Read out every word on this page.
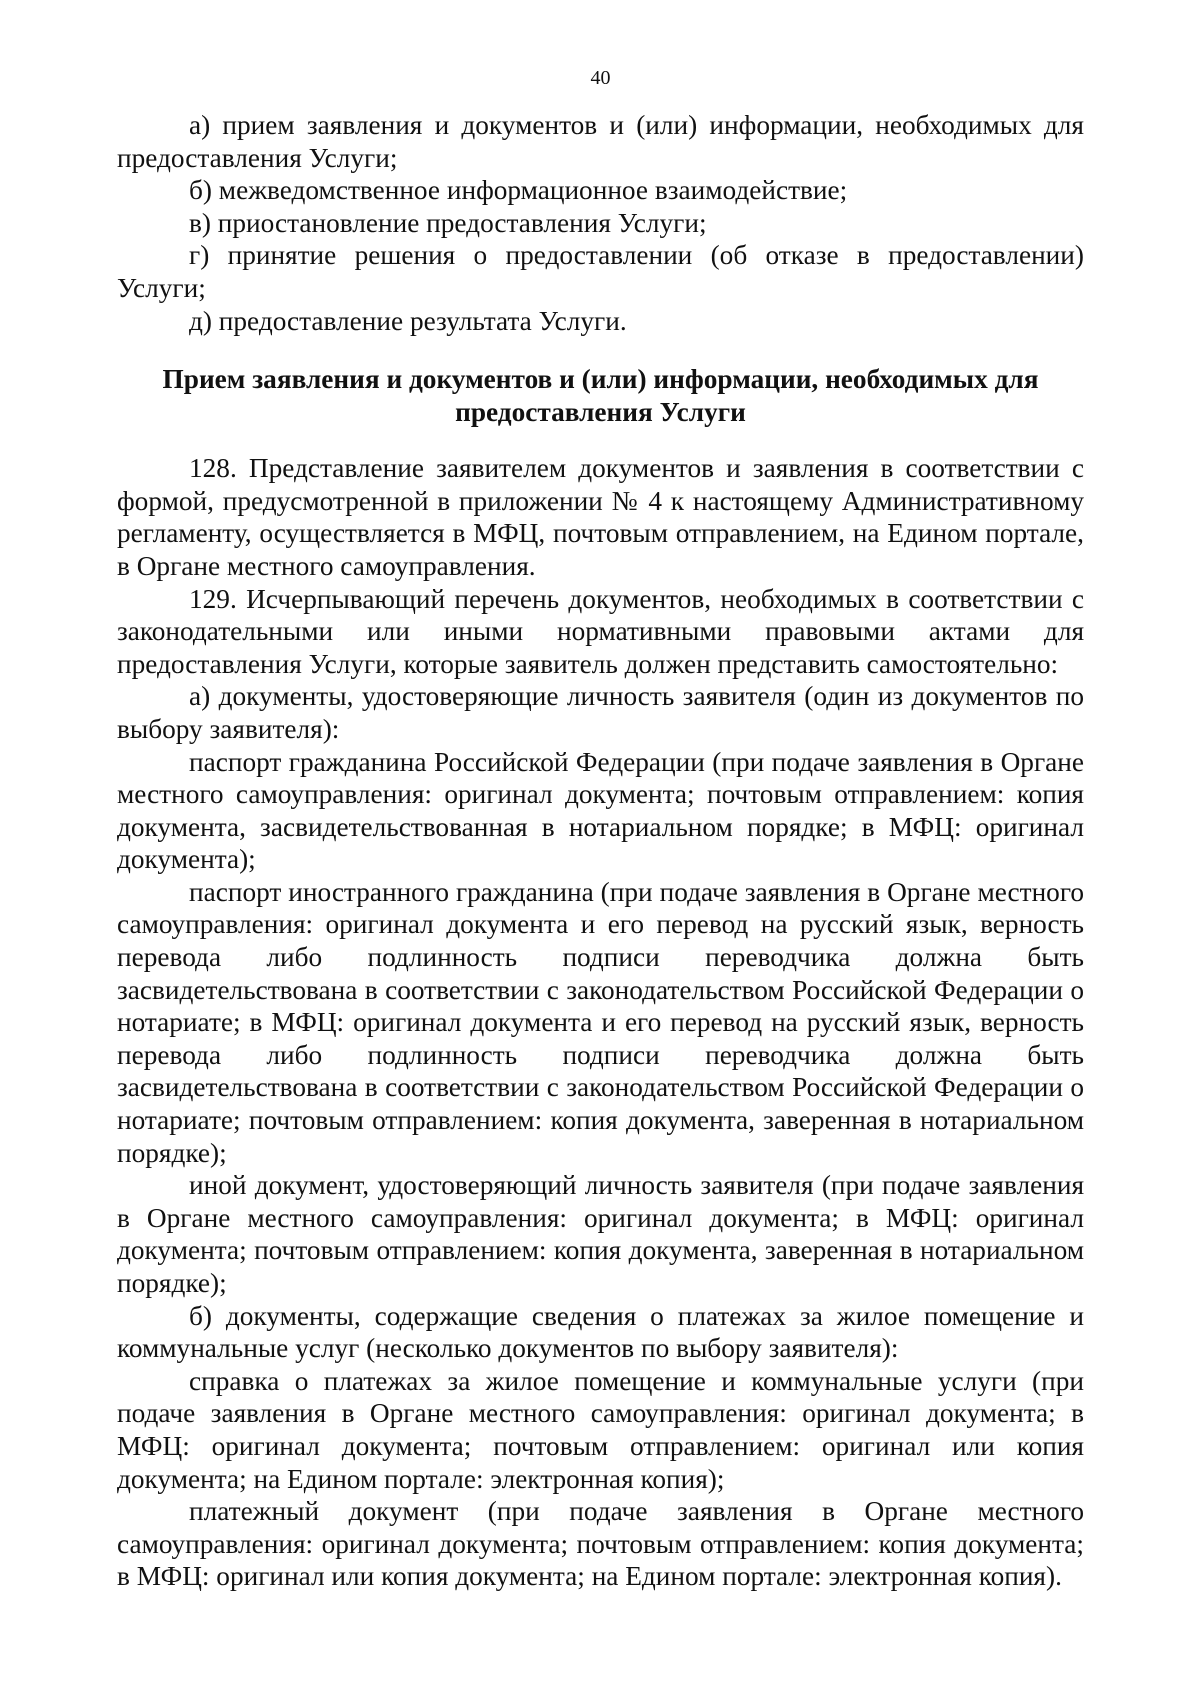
40

а) прием заявления и документов и (или) информации, необходимых для предоставления Услуги;

б) межведомственное информационное взаимодействие;

в) приостановление предоставления Услуги;

г) принятие решения о предоставлении (об отказе в предоставлении) Услуги;

д) предоставление результата Услуги.

Прием заявления и документов и (или) информации, необходимых для
предоставления Услуги

128. Представление заявителем документов и заявления в соответствии с формой, предусмотренной в приложении № 4 к настоящему Административному регламенту, осуществляется в МФЦ, почтовым отправлением, на Едином портале, в Органе местного самоуправления.

129. Исчерпывающий перечень документов, необходимых в соответствии с законодательными или иными нормативными правовыми актами для предоставления Услуги, которые заявитель должен представить самостоятельно:

а) документы, удостоверяющие личность заявителя (один из документов по выбору заявителя):

паспорт гражданина Российской Федерации (при подаче заявления в Органе местного самоуправления: оригинал документа; почтовым отправлением: копия документа, засвидетельствованная в нотариальном порядке; в МФЦ: оригинал документа);

паспорт иностранного гражданина (при подаче заявления в Органе местного самоуправления: оригинал документа и его перевод на русский язык, верность перевода либо подлинность подписи переводчика должна быть засвидетельствована в соответствии с законодательством Российской Федерации о нотариате; в МФЦ: оригинал документа и его перевод на русский язык, верность перевода либо подлинность подписи переводчика должна быть засвидетельствована в соответствии с законодательством Российской Федерации о нотариате; почтовым отправлением: копия документа, заверенная в нотариальном порядке);

иной документ, удостоверяющий личность заявителя (при подаче заявления в Органе местного самоуправления: оригинал документа; в МФЦ: оригинал документа; почтовым отправлением: копия документа, заверенная в нотариальном порядке);

б) документы, содержащие сведения о платежах за жилое помещение и коммунальные услуг (несколько документов по выбору заявителя):

справка о платежах за жилое помещение и коммунальные услуги (при подаче заявления в Органе местного самоуправления: оригинал документа; в МФЦ: оригинал документа; почтовым отправлением: оригинал или копия документа; на Едином портале: электронная копия);

платежный документ (при подаче заявления в Органе местного самоуправления: оригинал документа; почтовым отправлением: копия документа; в МФЦ: оригинал или копия документа; на Едином портале: электронная копия).
